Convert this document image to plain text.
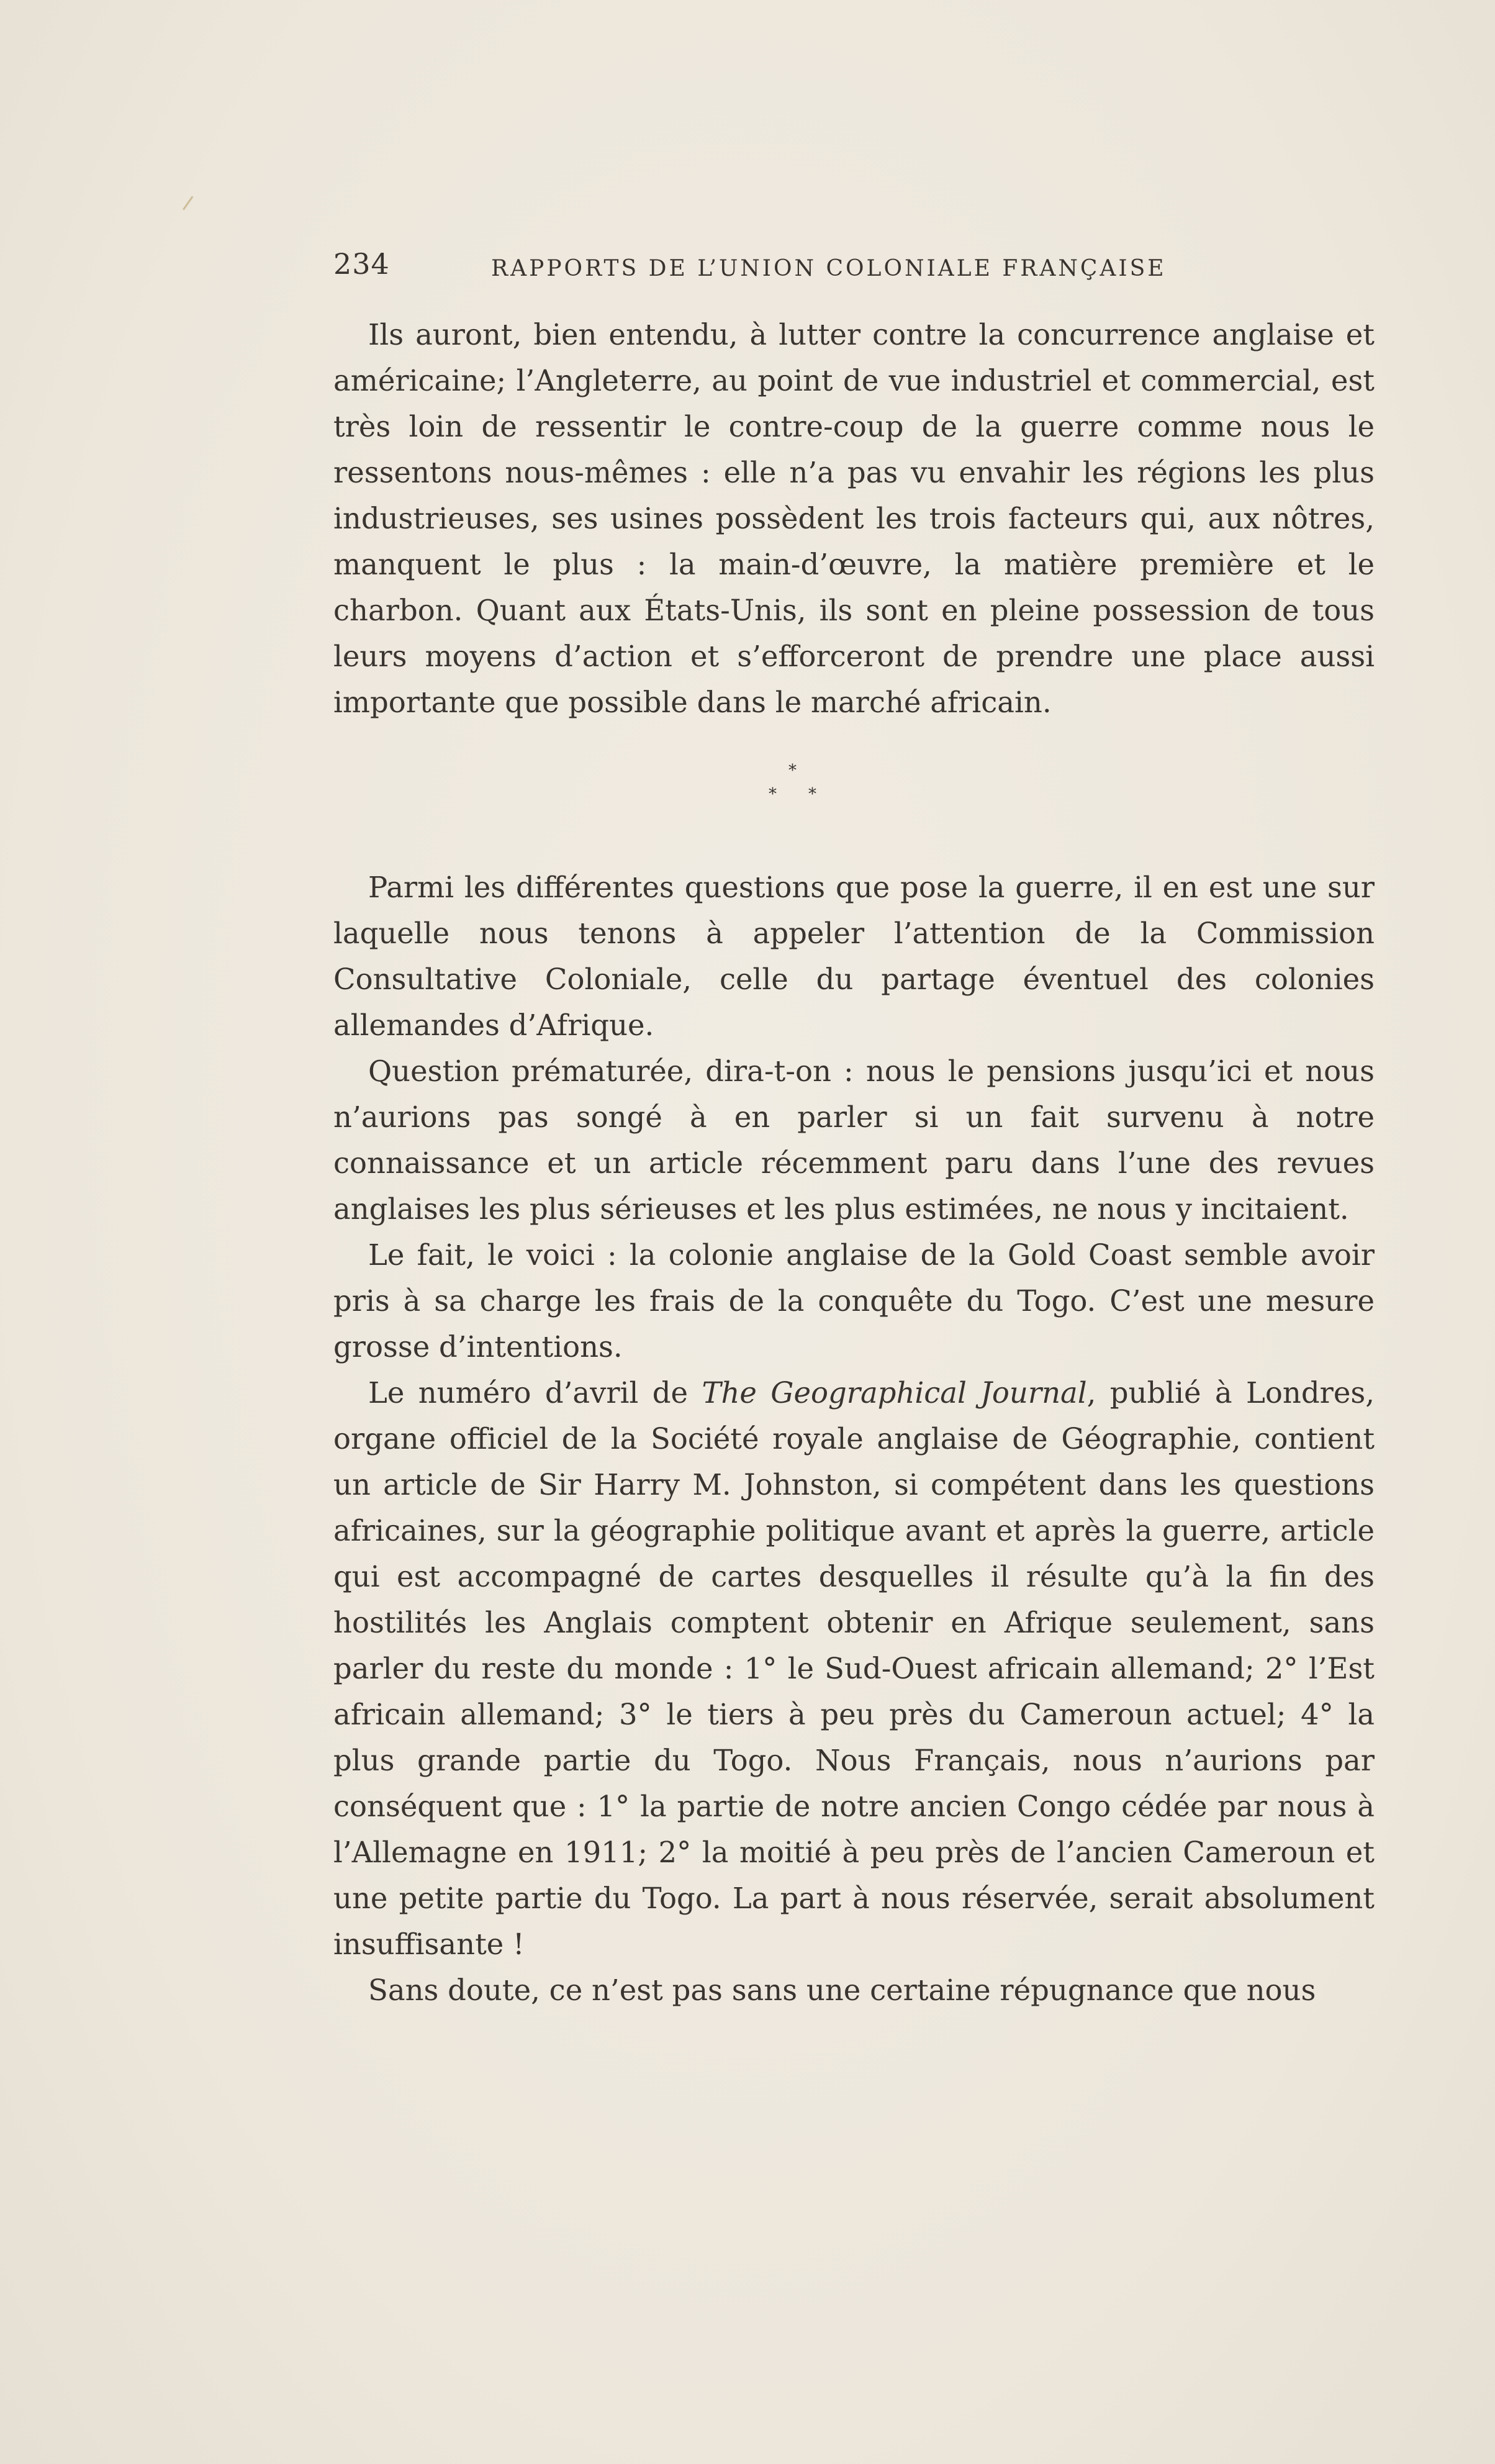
234	RAPPORTS DE L’UNION COLONIALE FRANÇAISE

Ils auront, bien entendu, à lutter contre la concurrence anglaise et américaine; l’Angleterre, au point de vue industriel et commercial, est très loin de ressentir le contre-coup de la guerre comme nous le ressentons nous-mêmes : elle n’a pas vu envahir les régions les plus industrieuses, ses usines possèdent les trois facteurs qui, aux nôtres, manquent le plus : la main-d’œuvre, la matière première et le charbon. Quant aux États-Unis, ils sont en pleine possession de tous leurs moyens d’action et s’efforceront de prendre une place aussi importante que possible dans le marché africain.

*
* *

Parmi les différentes questions que pose la guerre, il en est une sur laquelle nous tenons à appeler l’attention de la Commission Consultative Coloniale, celle du partage éventuel des colonies allemandes d’Afrique.

Question prématurée, dira-t-on : nous le pensions jusqu’ici et nous n’aurions pas songé à en parler si un fait survenu à notre connaissance et un article récemment paru dans l’une des revues anglaises les plus sérieuses et les plus estimées, ne nous y incitaient.

Le fait, le voici : la colonie anglaise de la Gold Coast semble avoir pris à sa charge les frais de la conquête du Togo. C’est une mesure grosse d’intentions.

Le numéro d’avril de The Geographical Journal, publié à Londres, organe officiel de la Société royale anglaise de Géographie, contient un article de Sir Harry M. Johnston, si compétent dans les questions africaines, sur la géographie politique avant et après la guerre, article qui est accompagné de cartes desquelles il résulte qu’à la fin des hostilités les Anglais comptent obtenir en Afrique seulement, sans parler du reste du monde : 1° le Sud-Ouest africain allemand; 2° l’Est africain allemand; 3° le tiers à peu près du Cameroun actuel; 4° la plus grande partie du Togo. Nous Français, nous n’aurions par conséquent que : 1° la partie de notre ancien Congo cédée par nous à l’Allemagne en 1911; 2° la moitié à peu près de l’ancien Cameroun et une petite partie du Togo. La part à nous réservée, serait absolument insuffisante !

Sans doute, ce n’est pas sans une certaine répugnance que nous
